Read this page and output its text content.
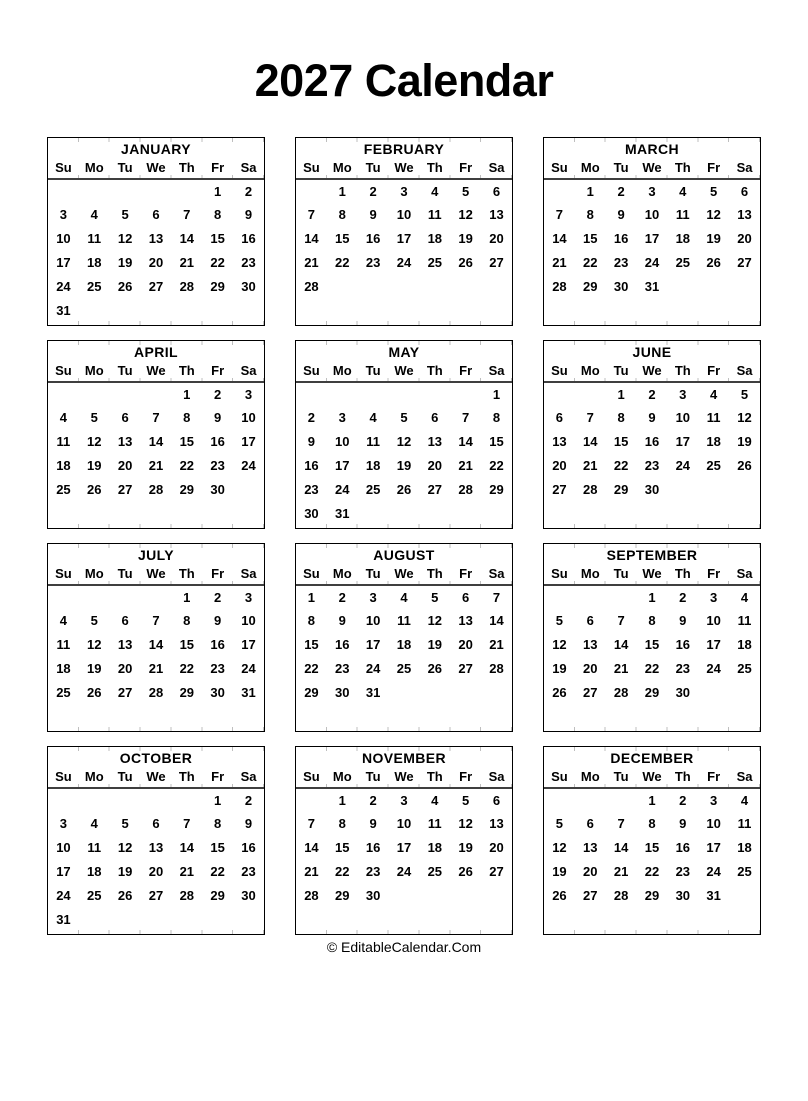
2027 Calendar
JANUARY						
Su	Mo	Tu	We	Th	Fr	Sa
					1	2
3	4	5	6	7	8	9
10	11	12	13	14	15	16
17	18	19	20	21	22	23
24	25	26	27	28	29	30
31						
FEBRUARY						
Su	Mo	Tu	We	Th	Fr	Sa
	1	2	3	4	5	6
7	8	9	10	11	12	13
14	15	16	17	18	19	20
21	22	23	24	25	26	27
28						

MARCH						
Su	Mo	Tu	We	Th	Fr	Sa
	1	2	3	4	5	6
7	8	9	10	11	12	13
14	15	16	17	18	19	20
21	22	23	24	25	26	27
28	29	30	31			

APRIL						
Su	Mo	Tu	We	Th	Fr	Sa
				1	2	3
4	5	6	7	8	9	10
11	12	13	14	15	16	17
18	19	20	21	22	23	24
25	26	27	28	29	30	

MAY						
Su	Mo	Tu	We	Th	Fr	Sa
						1
2	3	4	5	6	7	8
9	10	11	12	13	14	15
16	17	18	19	20	21	22
23	24	25	26	27	28	29
30	31					
JUNE						
Su	Mo	Tu	We	Th	Fr	Sa
		1	2	3	4	5
6	7	8	9	10	11	12
13	14	15	16	17	18	19
20	21	22	23	24	25	26
27	28	29	30			

JULY						
Su	Mo	Tu	We	Th	Fr	Sa
				1	2	3
4	5	6	7	8	9	10
11	12	13	14	15	16	17
18	19	20	21	22	23	24
25	26	27	28	29	30	31

AUGUST						
Su	Mo	Tu	We	Th	Fr	Sa
1	2	3	4	5	6	7
8	9	10	11	12	13	14
15	16	17	18	19	20	21
22	23	24	25	26	27	28
29	30	31				

SEPTEMBER						
Su	Mo	Tu	We	Th	Fr	Sa
			1	2	3	4
5	6	7	8	9	10	11
12	13	14	15	16	17	18
19	20	21	22	23	24	25
26	27	28	29	30		

OCTOBER						
Su	Mo	Tu	We	Th	Fr	Sa
					1	2
3	4	5	6	7	8	9
10	11	12	13	14	15	16
17	18	19	20	21	22	23
24	25	26	27	28	29	30
31						
NOVEMBER						
Su	Mo	Tu	We	Th	Fr	Sa
	1	2	3	4	5	6
7	8	9	10	11	12	13
14	15	16	17	18	19	20
21	22	23	24	25	26	27
28	29	30				

DECEMBER						
Su	Mo	Tu	We	Th	Fr	Sa
			1	2	3	4
5	6	7	8	9	10	11
12	13	14	15	16	17	18
19	20	21	22	23	24	25
26	27	28	29	30	31	

© EditableCalendar.Com
